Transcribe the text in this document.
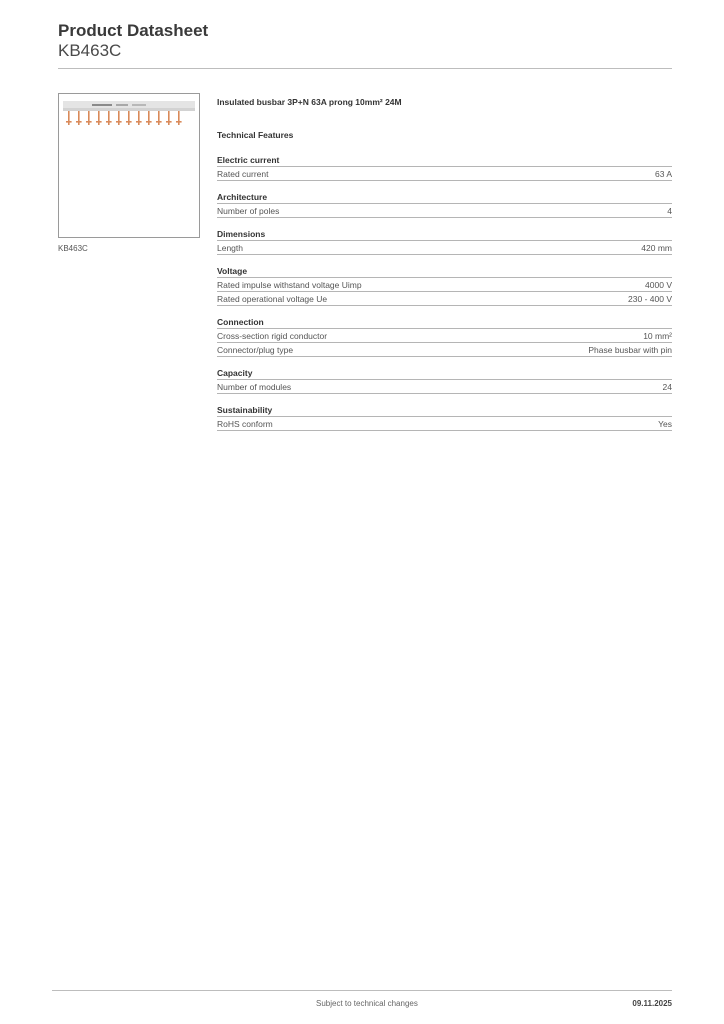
Product Datasheet
KB463C
KB463C
Insulated busbar 3P+N 63A prong 10mm² 24M
Technical Features
Electric current
Rated current	63 A
Architecture
Number of poles	4
Dimensions
Length	420 mm
Voltage
Rated impulse withstand voltage Uimp	4000 V
Rated operational voltage Ue	230 - 400 V
Connection
Cross-section rigid conductor	10 mm²
Connector/plug type	Phase busbar with pin
Capacity
Number of modules	24
Sustainability
RoHS conform	Yes
Subject to technical changes	09.11.2025
